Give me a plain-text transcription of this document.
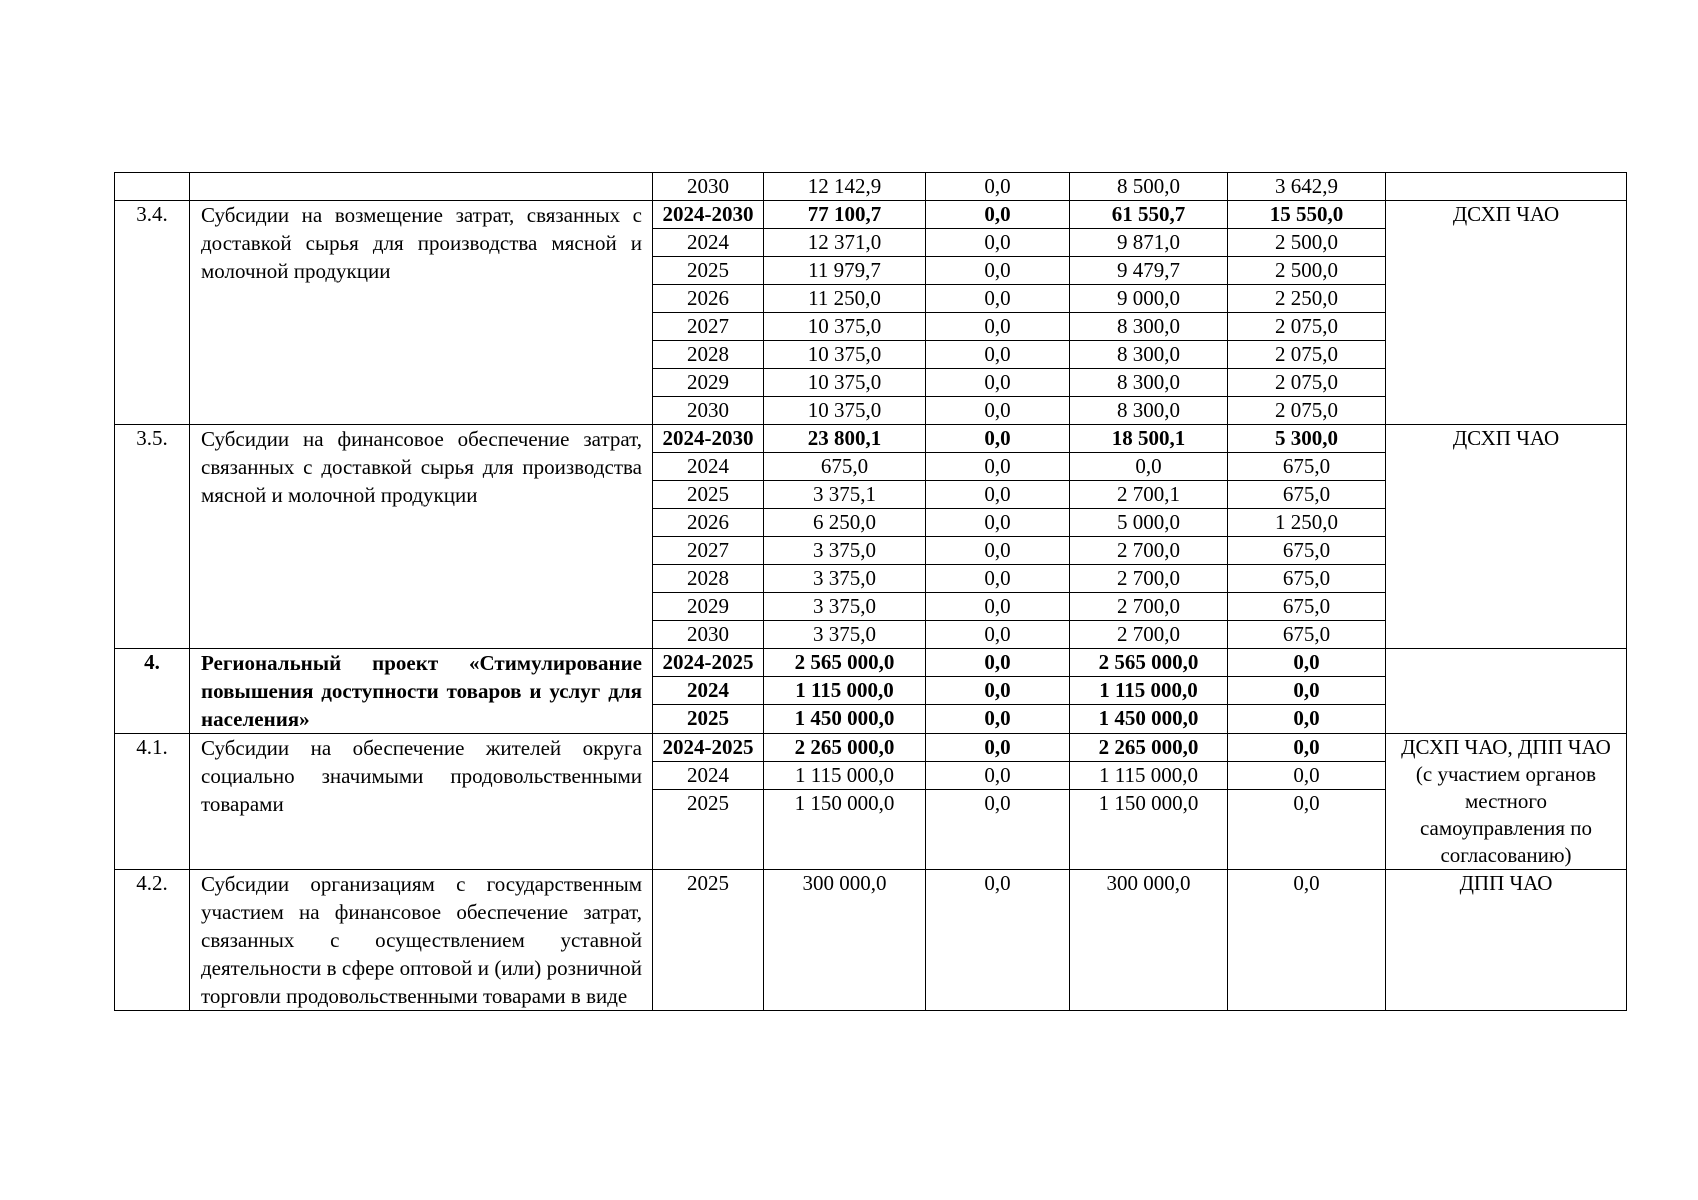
		2030	12 142,9	0,0	8 500,0	3 642,9	
3.4.	Субсидии на возмещение затрат, связанных с доставкой сырья для производства мясной и молочной продукции	2024-2030	77 100,7	0,0	61 550,7	15 550,0	ДСХП ЧАО
		2024	12 371,0	0,0	9 871,0	2 500,0	
		2025	11 979,7	0,0	9 479,7	2 500,0	
		2026	11 250,0	0,0	9 000,0	2 250,0	
		2027	10 375,0	0,0	8 300,0	2 075,0	
		2028	10 375,0	0,0	8 300,0	2 075,0	
		2029	10 375,0	0,0	8 300,0	2 075,0	
		2030	10 375,0	0,0	8 300,0	2 075,0	
3.5.	Субсидии на финансовое обеспечение затрат, связанных с доставкой сырья для производства мясной и молочной продукции	2024-2030	23 800,1	0,0	18 500,1	5 300,0	ДСХП ЧАО
		2024	675,0	0,0	0,0	675,0	
		2025	3 375,1	0,0	2 700,1	675,0	
		2026	6 250,0	0,0	5 000,0	1 250,0	
		2027	3 375,0	0,0	2 700,0	675,0	
		2028	3 375,0	0,0	2 700,0	675,0	
		2029	3 375,0	0,0	2 700,0	675,0	
		2030	3 375,0	0,0	2 700,0	675,0	
4.	Региональный проект «Стимулирование повышения доступности товаров и услуг для населения»	2024-2025	2 565 000,0	0,0	2 565 000,0	0,0	
		2024	1 115 000,0	0,0	1 115 000,0	0,0	
		2025	1 450 000,0	0,0	1 450 000,0	0,0	

4.1.	Субсидии на обеспечение жителей округа социально значимыми продовольственными товарами	2024-2025	2 265 000,0	0,0	2 265 000,0	0,0	ДСХП ЧАО, ДПП ЧАО (с участием органов местного самоуправления по согласованию)
		2024	1 115 000,0	0,0	1 115 000,0	0,0	
		2025	1 150 000,0	0,0	1 150 000,0	0,0	

4.2.	Субсидии организациям с государственным участием на финансовое обеспечение затрат, связанных с осуществлением уставной деятельности в сфере оптовой и (или) розничной торговли продовольственными товарами в виде	2025	300 000,0	0,0	300 000,0	0,0	ДПП ЧАО
